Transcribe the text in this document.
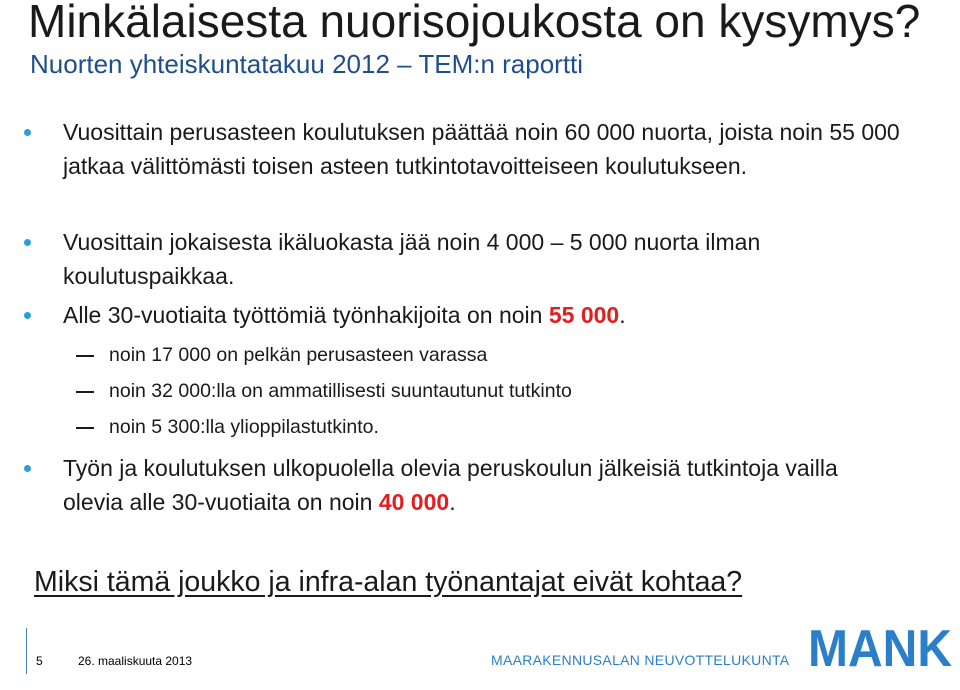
Minkälaisesta nuorisojoukosta on kysymys?
Nuorten yhteiskuntatakuu 2012 – TEM:n raportti
Vuosittain perusasteen koulutuksen päättää noin 60 000 nuorta, joista noin 55 000 jatkaa välittömästi toisen asteen tutkintotavoitteiseen koulutukseen.
Vuosittain jokaisesta ikäluokasta jää noin 4 000 – 5 000 nuorta ilman koulutuspaikkaa.
Alle 30-vuotiaita työttömiä työnhakijoita on noin 55 000.
noin 17 000 on pelkän perusasteen varassa
noin 32 000:lla on ammatillisesti suuntautunut tutkinto
noin 5 300:lla ylioppilastutkinto.
Työn ja koulutuksen ulkopuolella olevia peruskoulun jälkeisiä tutkintoja vailla olevia alle 30-vuotiaita on noin 40 000.
Miksi tämä joukko ja infra-alan työnantajat eivät kohtaa?
5	26. maaliskuuta 2013	MAARAKENNUSALAN NEUVOTTELUKUNTA MANK
